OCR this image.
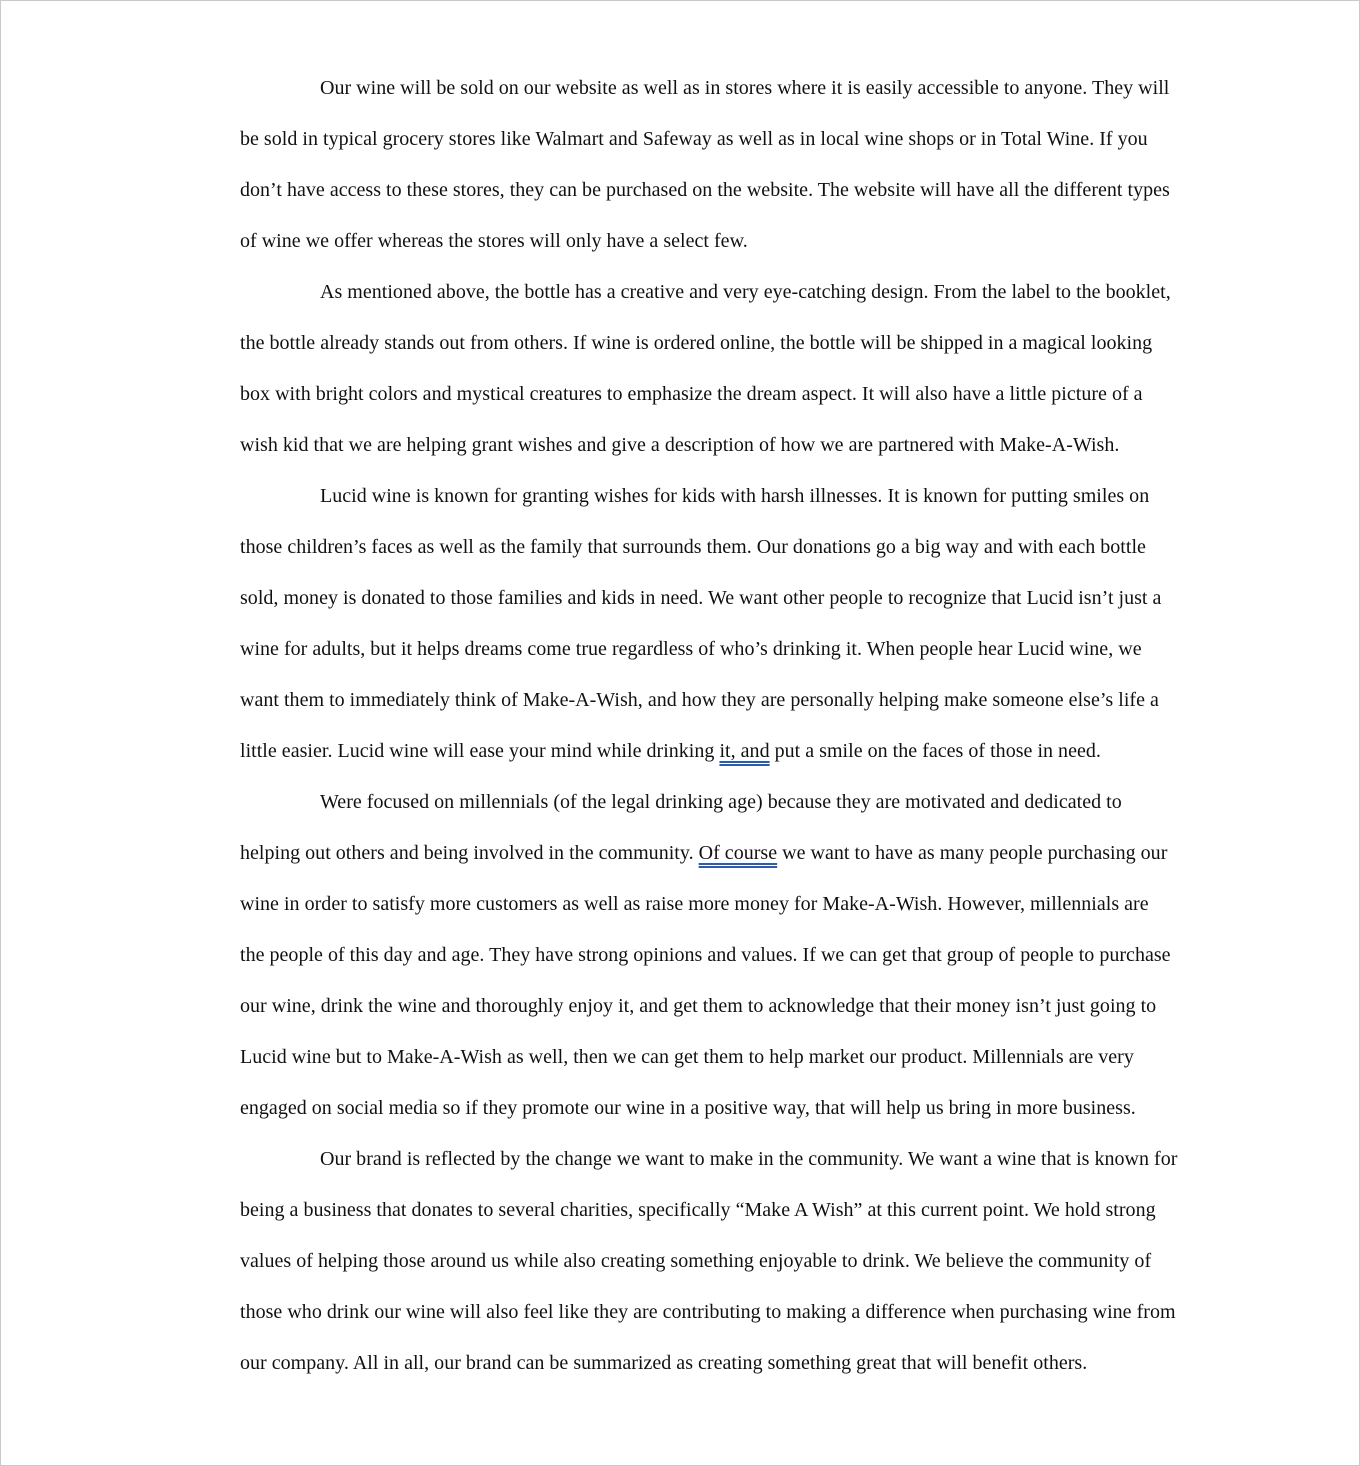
Our wine will be sold on our website as well as in stores where it is easily accessible to anyone. They will
be sold in typical grocery stores like Walmart and Safeway as well as in local wine shops or in Total Wine. If you
don’t have access to these stores, they can be purchased on the website. The website will have all the different types
of wine we offer whereas the stores will only have a select few.

As mentioned above, the bottle has a creative and very eye-catching design. From the label to the booklet,
the bottle already stands out from others. If wine is ordered online, the bottle will be shipped in a magical looking
box with bright colors and mystical creatures to emphasize the dream aspect. It will also have a little picture of a
wish kid that we are helping grant wishes and give a description of how we are partnered with Make-A-Wish.

Lucid wine is known for granting wishes for kids with harsh illnesses. It is known for putting smiles on
those children’s faces as well as the family that surrounds them. Our donations go a big way and with each bottle
sold, money is donated to those families and kids in need. We want other people to recognize that Lucid isn’t just a
wine for adults, but it helps dreams come true regardless of who’s drinking it. When people hear Lucid wine, we
want them to immediately think of Make-A-Wish, and how they are personally helping make someone else’s life a
little easier. Lucid wine will ease your mind while drinking it, and put a smile on the faces of those in need.

Were focused on millennials (of the legal drinking age) because they are motivated and dedicated to
helping out others and being involved in the community. Of course we want to have as many people purchasing our
wine in order to satisfy more customers as well as raise more money for Make-A-Wish. However, millennials are
the people of this day and age. They have strong opinions and values. If we can get that group of people to purchase
our wine, drink the wine and thoroughly enjoy it, and get them to acknowledge that their money isn’t just going to
Lucid wine but to Make-A-Wish as well, then we can get them to help market our product. Millennials are very
engaged on social media so if they promote our wine in a positive way, that will help us bring in more business.

Our brand is reflected by the change we want to make in the community. We want a wine that is known for
being a business that donates to several charities, specifically “Make A Wish” at this current point. We hold strong
values of helping those around us while also creating something enjoyable to drink. We believe the community of
those who drink our wine will also feel like they are contributing to making a difference when purchasing wine from
our company. All in all, our brand can be summarized as creating something great that will benefit others.
